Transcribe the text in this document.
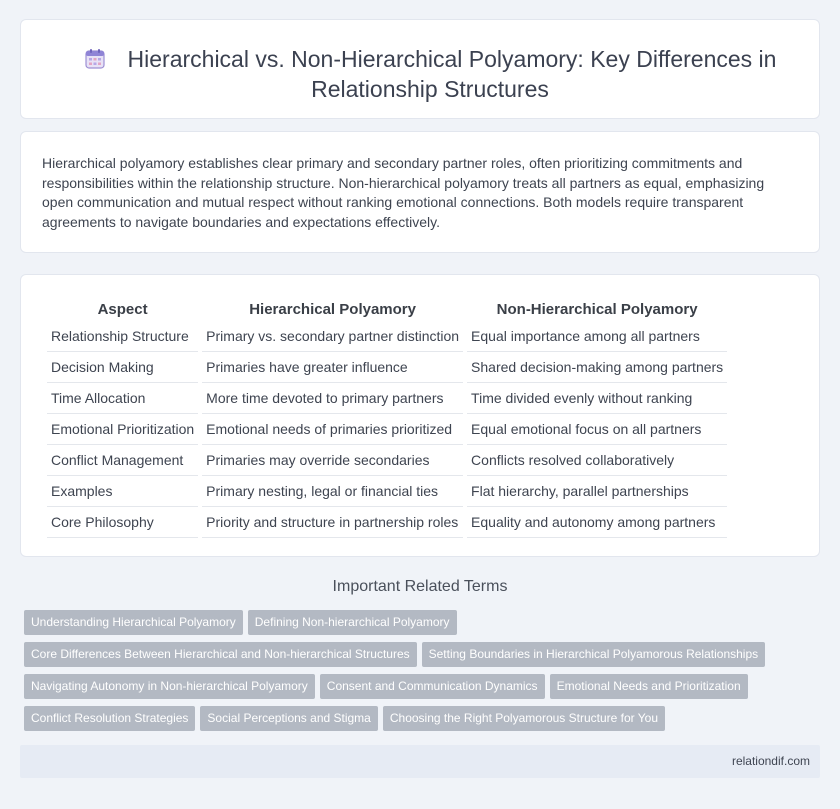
Hierarchical vs. Non-Hierarchical Polyamory: Key Differences in Relationship Structures
Hierarchical polyamory establishes clear primary and secondary partner roles, often prioritizing commitments and responsibilities within the relationship structure. Non-hierarchical polyamory treats all partners as equal, emphasizing open communication and mutual respect without ranking emotional connections. Both models require transparent agreements to navigate boundaries and expectations effectively.
Aspect	Hierarchical Polyamory	Non-Hierarchical Polyamory
Relationship Structure	Primary vs. secondary partner distinction	Equal importance among all partners
Decision Making	Primaries have greater influence	Shared decision-making among partners
Time Allocation	More time devoted to primary partners	Time divided evenly without ranking
Emotional Prioritization	Emotional needs of primaries prioritized	Equal emotional focus on all partners
Conflict Management	Primaries may override secondaries	Conflicts resolved collaboratively
Examples	Primary nesting, legal or financial ties	Flat hierarchy, parallel partnerships
Core Philosophy	Priority and structure in partnership roles	Equality and autonomy among partners
Important Related Terms
Understanding Hierarchical Polyamory Defining Non-hierarchical Polyamory
Core Differences Between Hierarchical and Non-hierarchical Structures Setting Boundaries in Hierarchical Polyamorous Relationships
Navigating Autonomy in Non-hierarchical Polyamory Consent and Communication Dynamics Emotional Needs and Prioritization
Conflict Resolution Strategies Social Perceptions and Stigma Choosing the Right Polyamorous Structure for You
relationdif.com
